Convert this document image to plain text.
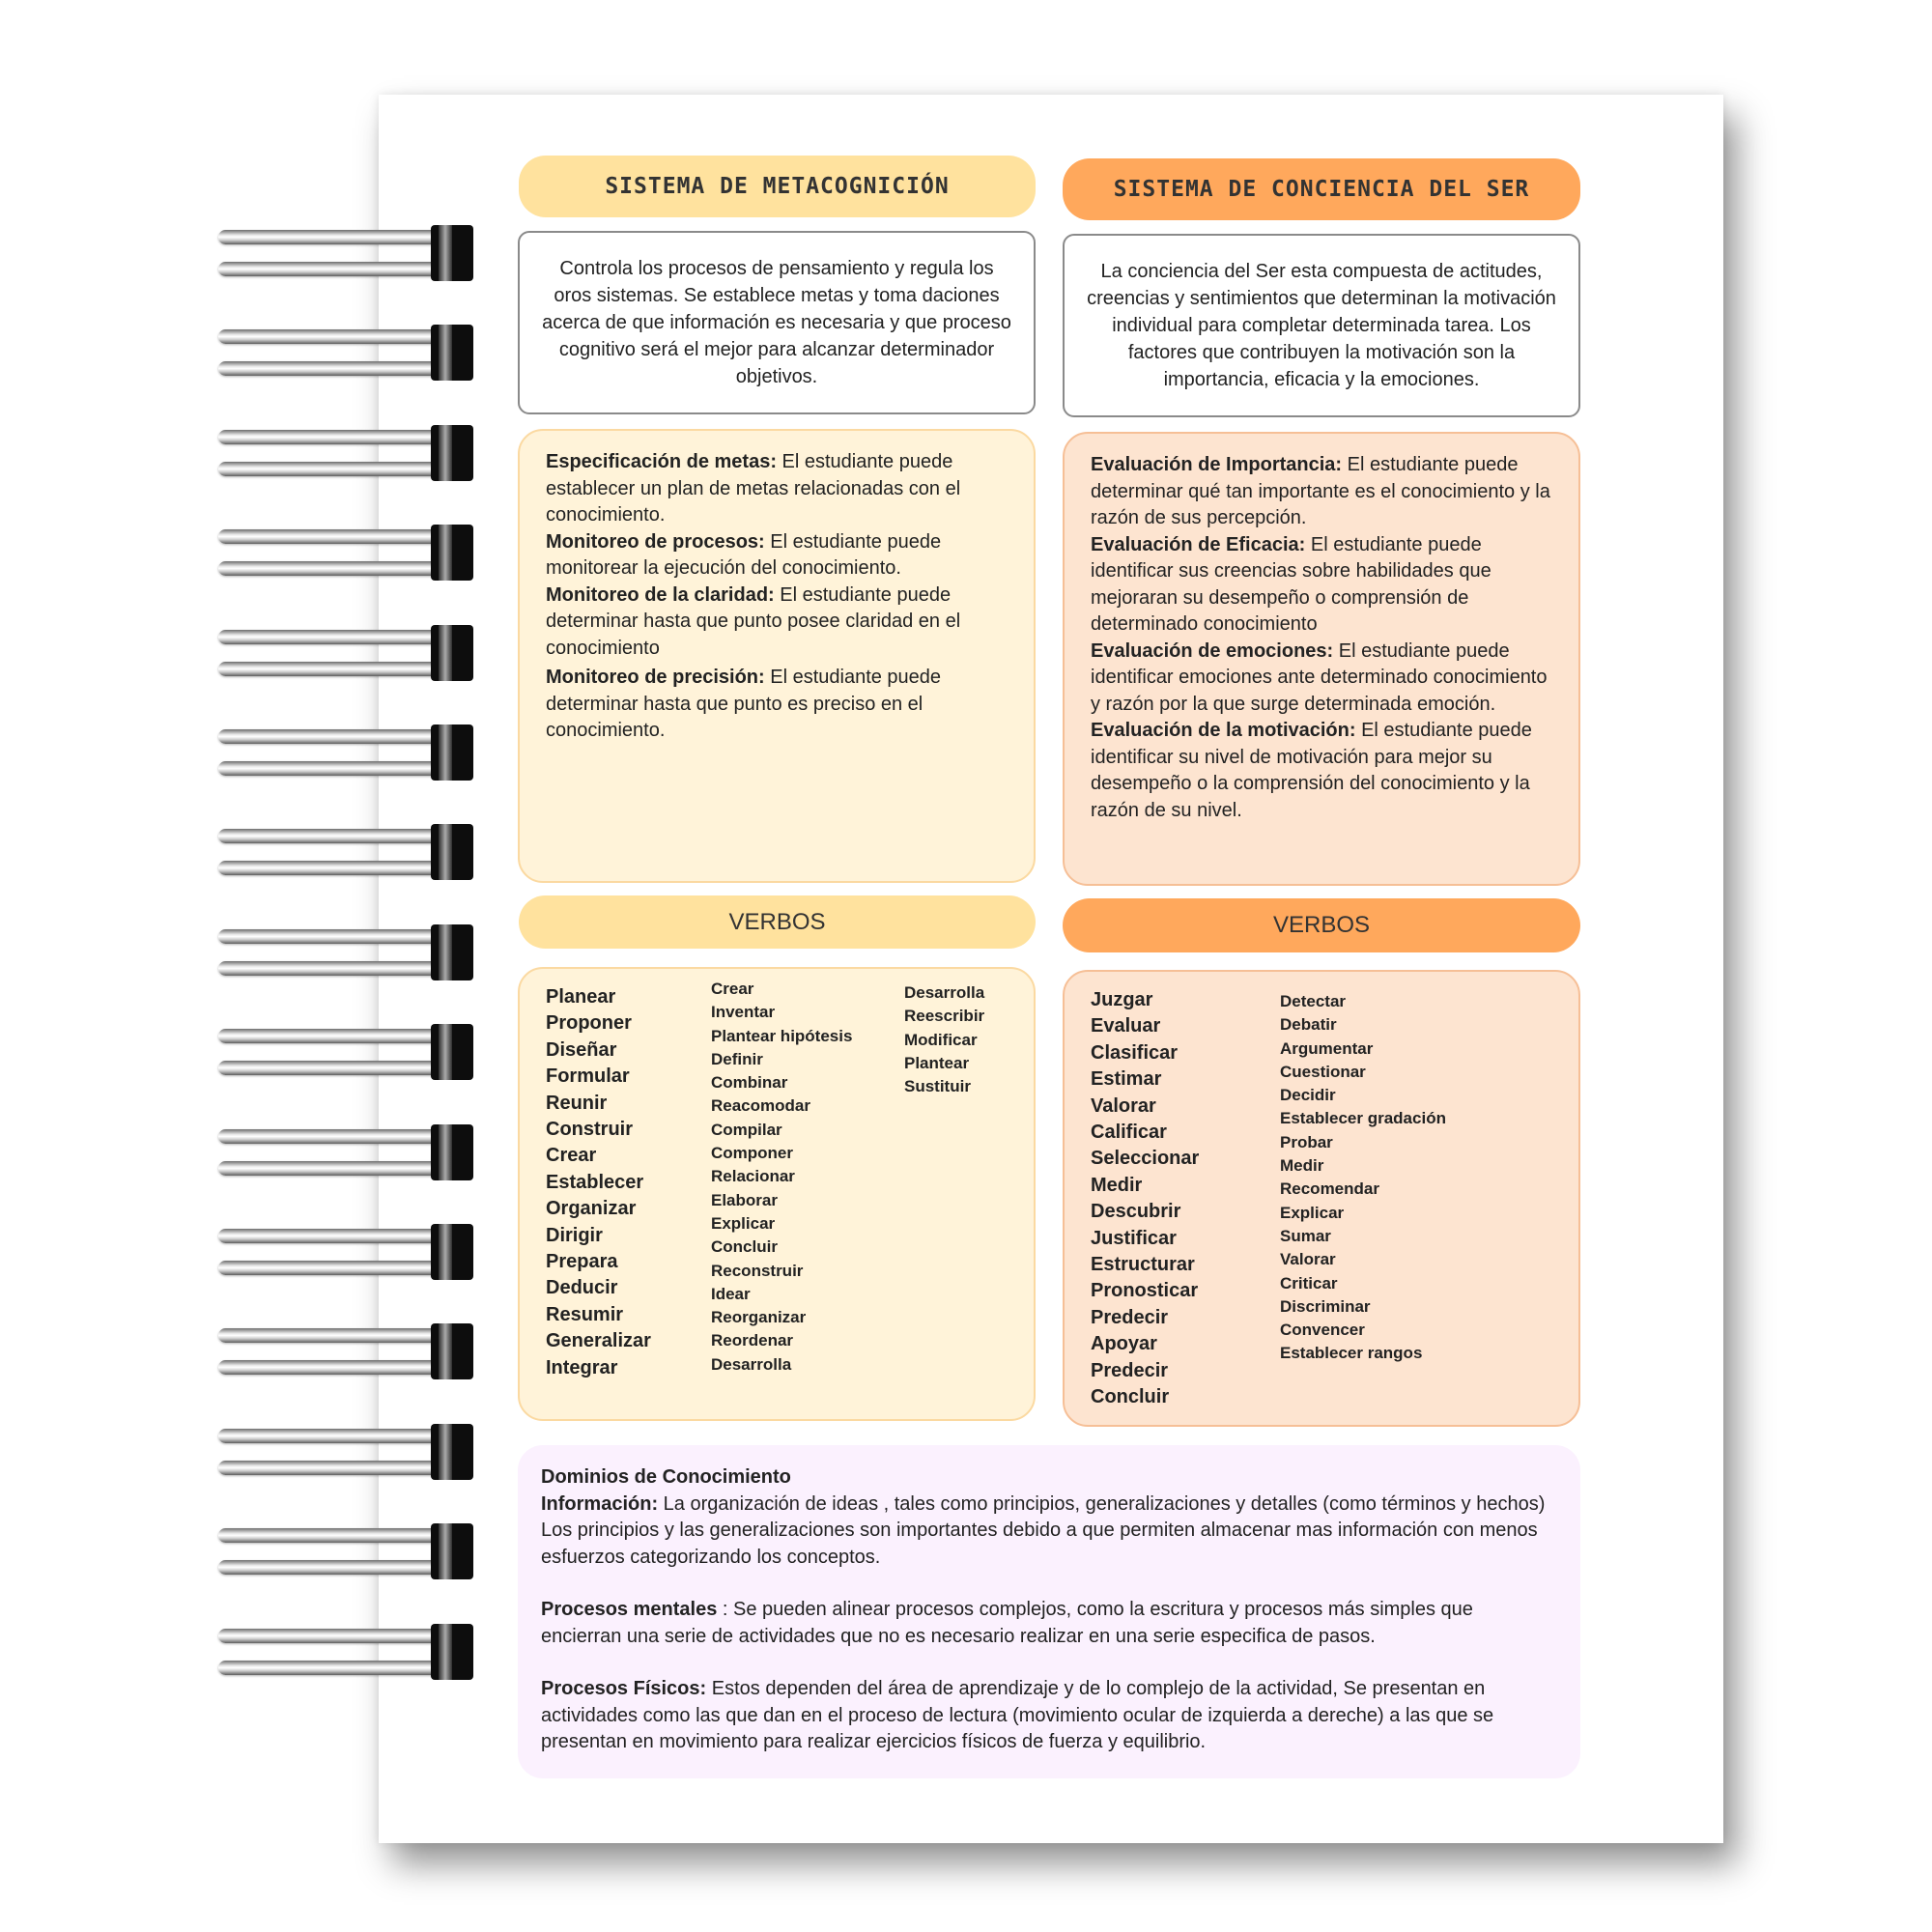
SISTEMA DE METACOGNICIÓN
Controla los procesos de pensamiento y regula los oros sistemas. Se establece metas y toma daciones acerca de que información es necesaria y que proceso cognitivo será el mejor para alcanzar determinador objetivos.

Especificación de metas: El estudiante puede establecer un plan de metas relacionadas con el conocimiento.

Monitoreo de procesos: El estudiante puede monitorear la ejecución del conocimiento.

Monitoreo de la claridad: El estudiante puede determinar hasta que punto posee claridad en el conocimiento

Monitoreo de precisión: El estudiante puede determinar hasta que punto es preciso en el conocimiento.

VERBOS
Planear
Proponer
Diseñar
Formular
Reunir
Construir
Crear
Establecer
Organizar
Dirigir
Prepara
Deducir
Resumir
Generalizar
Integrar
Crear
Inventar
Plantear hipótesis
Definir
Combinar
Reacomodar
Compilar
Componer
Relacionar
Elaborar
Explicar
Concluir
Reconstruir
Idear
Reorganizar
Reordenar
Desarrolla
Desarrolla
Reescribir
Modificar
Plantear
Sustituir
SISTEMA DE CONCIENCIA DEL SER
La conciencia del Ser esta compuesta de actitudes, creencias y sentimientos que determinan la motivación individual para completar determinada tarea. Los factores que contribuyen la motivación son la importancia, eficacia y la emociones.

Evaluación de Importancia: El estudiante puede determinar qué tan importante es el conocimiento y la razón de sus percepción.

Evaluación de Eficacia: El estudiante puede identificar sus creencias sobre habilidades que mejoraran su desempeño o comprensión de determinado conocimiento

Evaluación de emociones: El estudiante puede identificar emociones ante determinado conocimiento y razón por la que surge determinada emoción.

Evaluación de la motivación: El estudiante puede identificar su nivel de motivación para mejor su desempeño o la comprensión del conocimiento y la razón de su nivel.

VERBOS
Juzgar
Evaluar
Clasificar
Estimar
Valorar
Calificar
Seleccionar
Medir
Descubrir
Justificar
Estructurar
Pronosticar
Predecir
Apoyar
Predecir
Concluir
Detectar
Debatir
Argumentar
Cuestionar
Decidir
Establecer gradación
Probar
Medir
Recomendar
Explicar
Sumar
Valorar
Criticar
Discriminar
Convencer
Establecer rangos

Dominios de Conocimiento

Información: La organización de ideas , tales como principios, generalizaciones y detalles (como términos y hechos) Los principios y las generalizaciones son importantes debido a que permiten almacenar mas información con menos esfuerzos categorizando los conceptos.

Procesos mentales : Se pueden alinear procesos complejos, como la escritura y procesos más simples que encierran una serie de actividades que no es necesario realizar en una serie especifica de pasos.

Procesos Físicos: Estos dependen del área de aprendizaje y de lo complejo de la actividad, Se presentan en actividades como las que dan en el proceso de lectura (movimiento ocular de izquierda a dereche) a las que se presentan en movimiento para realizar ejercicios físicos de fuerza y equilibrio.
